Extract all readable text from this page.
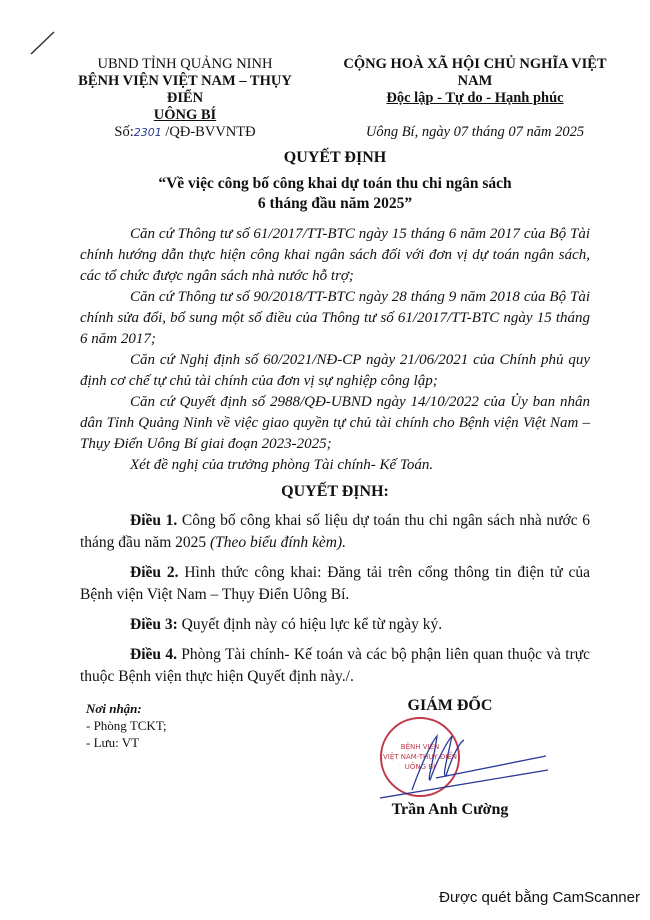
UBND TỈNH QUẢNG NINH
BỆNH VIỆN VIỆT NAM – THỤY ĐIỂN
UÔNG BÍ
Số:2301 /QĐ-BVVNTĐ
CỘNG HOÀ XÃ HỘI CHỦ NGHĨA VIỆT NAM
Độc lập - Tự do - Hạnh phúc
Uông Bí, ngày 07 tháng 07 năm 2025
QUYẾT ĐỊNH
“Về việc công bố công khai dự toán thu chi ngân sách 6 tháng đầu năm 2025”

Căn cứ Thông tư số 61/2017/TT-BTC ngày 15 tháng 6 năm 2017 của Bộ Tài chính hướng dẫn thực hiện công khai ngân sách đối với đơn vị dự toán ngân sách, các tổ chức được ngân sách nhà nước hỗ trợ;

Căn cứ Thông tư số 90/2018/TT-BTC ngày 28 tháng 9 năm 2018 của Bộ Tài chính sửa đổi, bổ sung một số điều của Thông tư số 61/2017/TT-BTC ngày 15 tháng 6 năm 2017;

Căn cứ Nghị định số 60/2021/NĐ-CP ngày 21/06/2021 của Chính phủ quy định cơ chế tự chủ tài chính của đơn vị sự nghiệp công lập;

Căn cứ Quyết định số 2988/QĐ-UBND ngày 14/10/2022 của Ủy ban nhân dân Tỉnh Quảng Ninh về việc giao quyền tự chủ tài chính cho Bệnh viện Việt Nam – Thụy Điển Uông Bí giai đoạn 2023-2025;

Xét đề nghị của trưởng phòng Tài chính- Kế Toán.

QUYẾT ĐỊNH:

Điều 1. Công bố công khai số liệu dự toán thu chi ngân sách nhà nước 6 tháng đầu năm 2025 (Theo biểu đính kèm).

Điều 2. Hình thức công khai: Đăng tải trên cổng thông tin điện tử của Bệnh viện Việt Nam – Thụy Điển Uông Bí.

Điều 3: Quyết định này có hiệu lực kể từ ngày ký.

Điều 4. Phòng Tài chính- Kế toán và các bộ phận liên quan thuộc và trực thuộc Bệnh viện thực hiện Quyết định này./.

Nơi nhận:
- Phòng TCKT;
- Lưu: VT
GIÁM ĐỐC
BỆNH VIỆN
VIỆT NAM-THỤY ĐIỂN
UÔNG BÍ
Trần Anh Cường
Được quét bằng CamScanner
